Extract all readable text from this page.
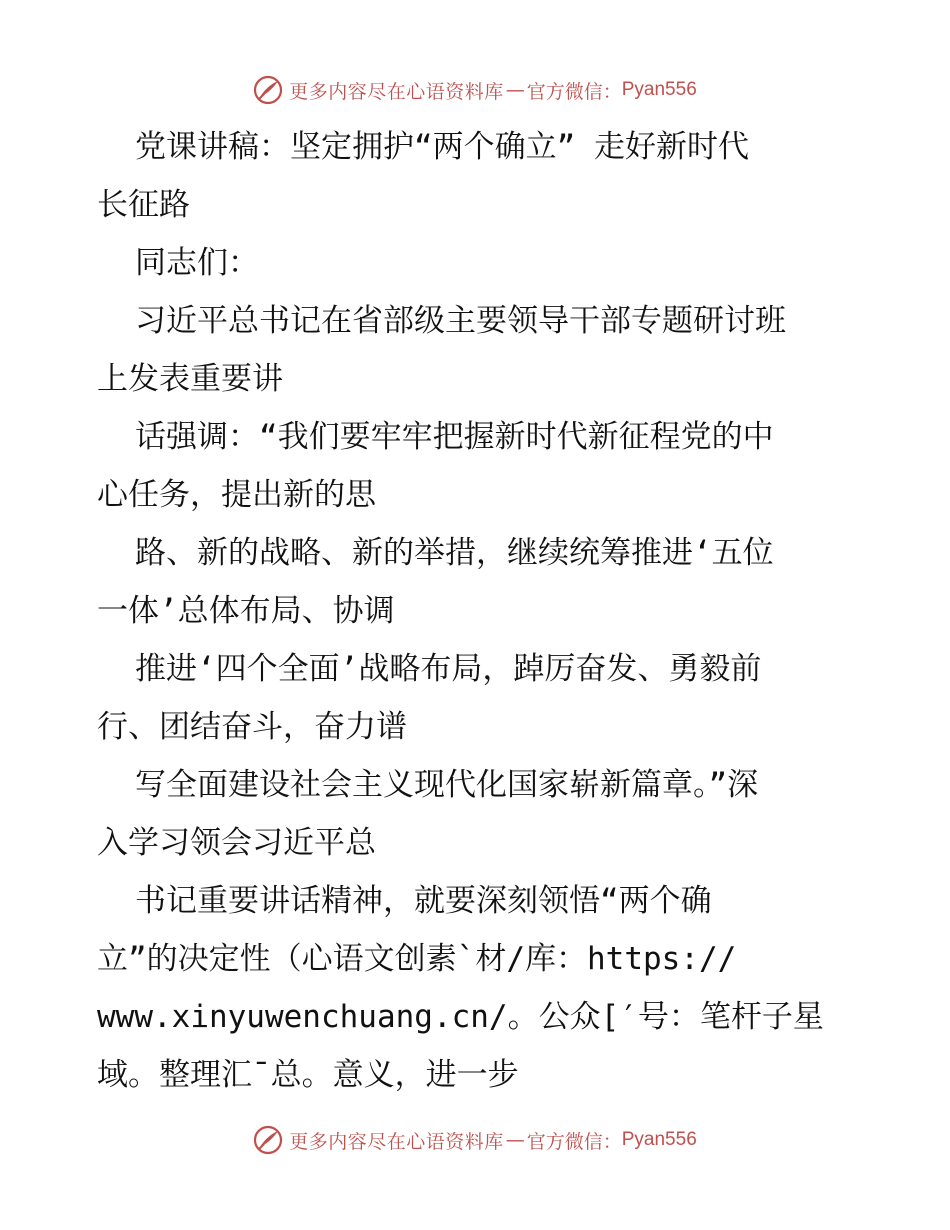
更多内容尽在心语资料库 — 官方微信： Pyan556
党课讲稿：坚定拥护“两个确立” 走好新时代
长征路
同志们：
习近平总书记在省部级主要领导干部专题研讨班
上发表重要讲
话强调：“我们要牢牢把握新时代新征程党的中
心任务，提出新的思
路、新的战略、新的举措，继续统筹推进‘五位
一体’总体布局、协调
推进‘四个全面’战略布局，踔厉奋发、勇毅前
行、团结奋斗，奋力谱
写全面建设社会主义现代化国家崭新篇章。”深
入学习领会习近平总
书记重要讲话精神，就要深刻领悟“两个确
立”的决定性（心语文创素`材/库：https://
www.xinyuwenchuang.cn/。公众[′号：笔杆子星
域。整理汇¯总。意义，进一步
更多内容尽在心语资料库 — 官方微信： Pyan556
